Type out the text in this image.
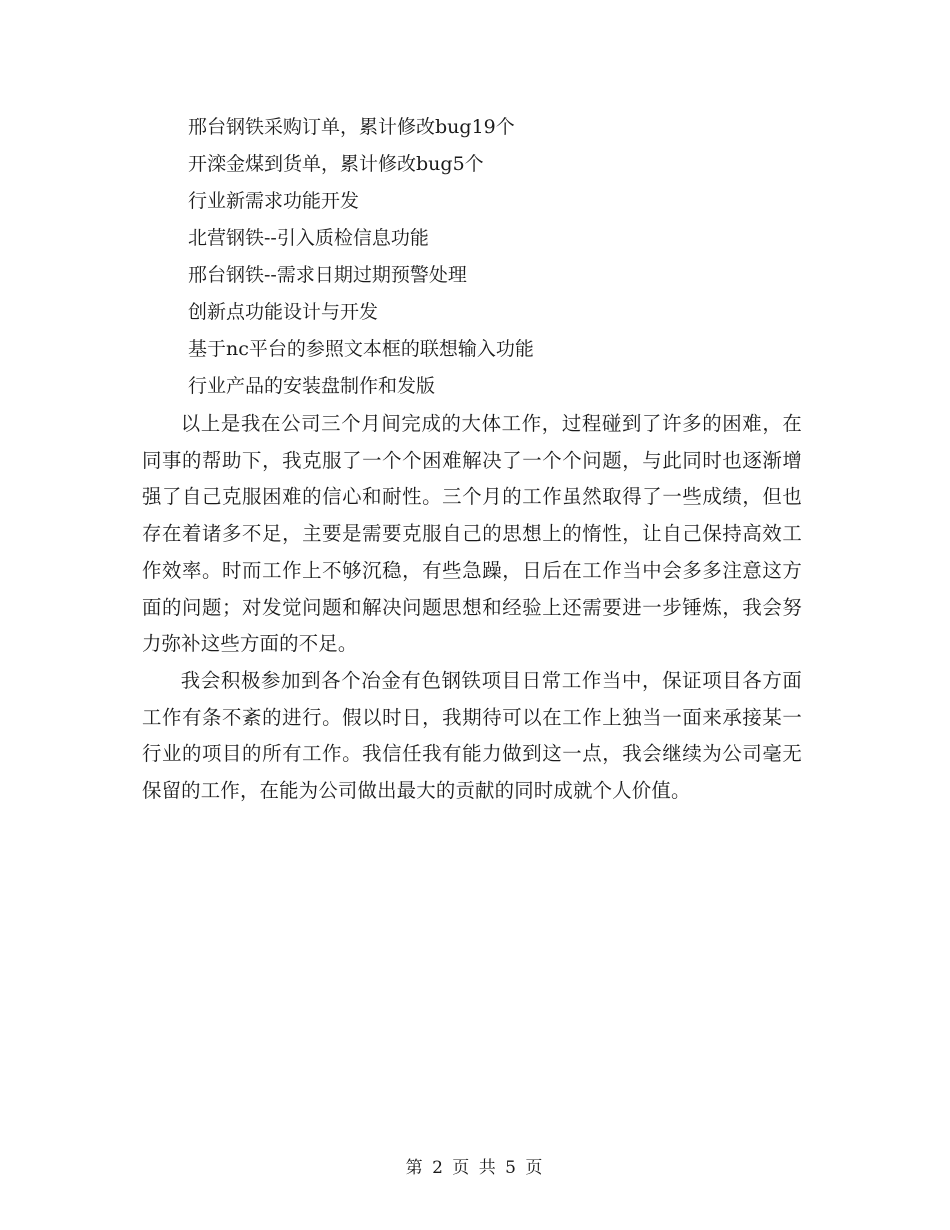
邢台钢铁采购订单，累计修改bug19个
开滦金煤到货单，累计修改bug5个
行业新需求功能开发
北营钢铁--引入质检信息功能
邢台钢铁--需求日期过期预警处理
创新点功能设计与开发
基于nc平台的参照文本框的联想输入功能
行业产品的安装盘制作和发版

以上是我在公司三个月间完成的大体工作，过程碰到了许多的困难，在同事的帮助下，我克服了一个个困难解决了一个个问题，与此同时也逐渐增强了自己克服困难的信心和耐性。三个月的工作虽然取得了一些成绩，但也存在着诸多不足，主要是需要克服自己的思想上的惰性，让自己保持高效工作效率。时而工作上不够沉稳，有些急躁，日后在工作当中会多多注意这方面的问题；对发觉问题和解决问题思想和经验上还需要进一步锤炼，我会努力弥补这些方面的不足。

我会积极参加到各个冶金有色钢铁项目日常工作当中，保证项目各方面工作有条不紊的进行。假以时日，我期待可以在工作上独当一面来承接某一行业的项目的所有工作。我信任我有能力做到这一点，我会继续为公司毫无保留的工作，在能为公司做出最大的贡献的同时成就个人价值。

第 2 页 共 5 页
